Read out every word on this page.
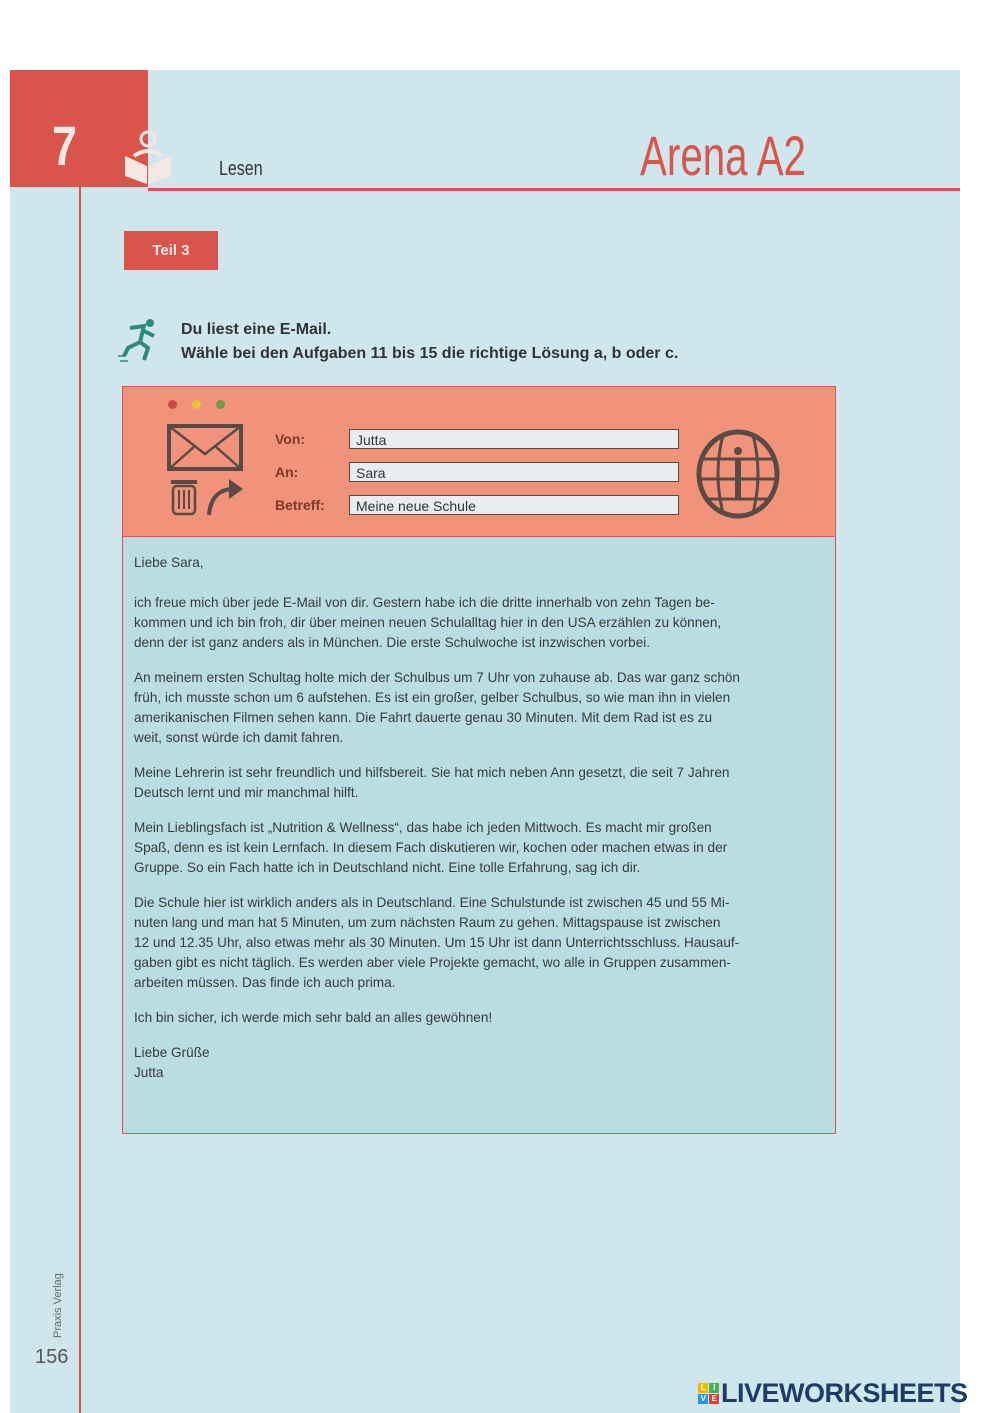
7	Lesen	Arena A2
Teil 3
Du liest eine E-Mail.
Wähle bei den Aufgaben 11 bis 15 die richtige Lösung a, b oder c.
Von:	Jutta
An:	Sara
Betreff:	Meine neue Schule

Liebe Sara,

ich freue mich über jede E-Mail von dir. Gestern habe ich die dritte innerhalb von zehn Tagen be-
kommen und ich bin froh, dir über meinen neuen Schulalltag hier in den USA erzählen zu können,
denn der ist ganz anders als in München. Die erste Schulwoche ist inzwischen vorbei.

An meinem ersten Schultag holte mich der Schulbus um 7 Uhr von zuhause ab. Das war ganz schön
früh, ich musste schon um 6 aufstehen. Es ist ein großer, gelber Schulbus, so wie man ihn in vielen
amerikanischen Filmen sehen kann. Die Fahrt dauerte genau 30 Minuten. Mit dem Rad ist es zu
weit, sonst würde ich damit fahren.

Meine Lehrerin ist sehr freundlich und hilfsbereit. Sie hat mich neben Ann gesetzt, die seit 7 Jahren
Deutsch lernt und mir manchmal hilft.

Mein Lieblingsfach ist „Nutrition & Wellness“, das habe ich jeden Mittwoch. Es macht mir großen
Spaß, denn es ist kein Lernfach. In diesem Fach diskutieren wir, kochen oder machen etwas in der
Gruppe. So ein Fach hatte ich in Deutschland nicht. Eine tolle Erfahrung, sag ich dir.

Die Schule hier ist wirklich anders als in Deutschland. Eine Schulstunde ist zwischen 45 und 55 Mi-
nuten lang und man hat 5 Minuten, um zum nächsten Raum zu gehen. Mittagspause ist zwischen
12 und 12.35 Uhr, also etwas mehr als 30 Minuten. Um 15 Uhr ist dann Unterrichtsschluss. Hausauf-
gaben gibt es nicht täglich. Es werden aber viele Projekte gemacht, wo alle in Gruppen zusammen-
arbeiten müssen. Das finde ich auch prima.

Ich bin sicher, ich werde mich sehr bald an alles gewöhnen!

Liebe Grüße
Jutta
Praxis Verlag
156
L I
V E LIVEWORKSHEETS
